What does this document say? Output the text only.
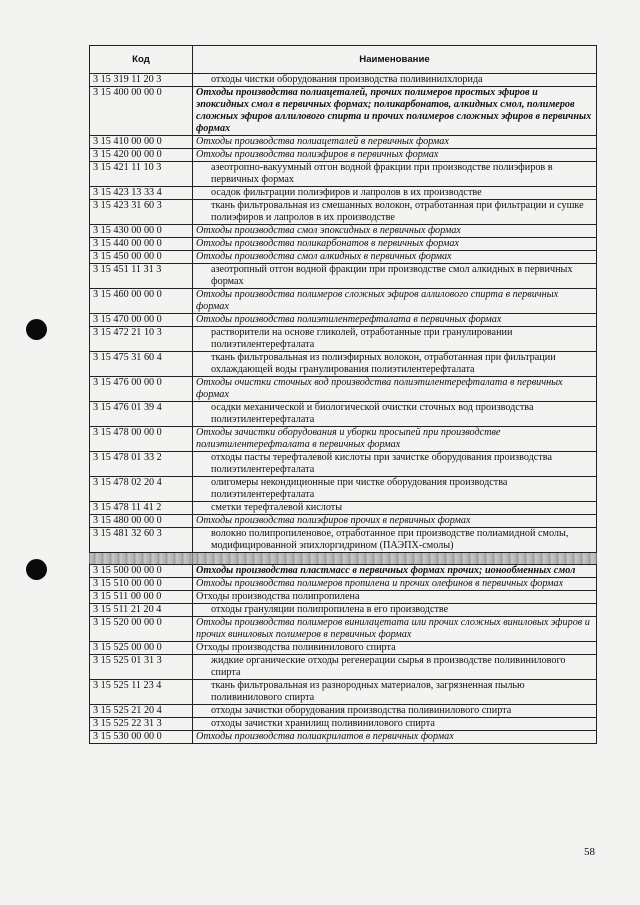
Код	Наименование
3 15 319 11 20 3	отходы чистки оборудования производства поливинилхлорида
3 15 400 00 00 0	Отходы производства полиацеталей, прочих полимеров простых эфиров и эпоксидных смол в первичных формах; поликарбонатов, алкидных смол, полимеров сложных эфиров аллилового спирта и прочих полимеров сложных эфиров в первичных формах
3 15 410 00 00 0	Отходы производства полиацеталей в первичных формах
3 15 420 00 00 0	Отходы производства полиэфиров в первичных формах
3 15 421 11 10 3	азеотропно-вакуумный отгон водной фракции при производстве полиэфиров в первичных формах
3 15 423 13 33 4	осадок фильтрации полиэфиров и лапролов в их производстве
3 15 423 31 60 3	ткань фильтровальная из смешанных волокон, отработанная при фильтрации и сушке полиэфиров и лапролов в их производстве
3 15 430 00 00 0	Отходы производства смол эпоксидных в первичных формах
3 15 440 00 00 0	Отходы производства поликарбонатов в первичных формах
3 15 450 00 00 0	Отходы производства смол алкидных в первичных формах
3 15 451 11 31 3	азеотропный отгон водной фракции при производстве смол алкидных в первичных формах
3 15 460 00 00 0	Отходы производства полимеров сложных эфиров аллилового спирта в первичных формах
3 15 470 00 00 0	Отходы производства полиэтилентерефталата в первичных формах
3 15 472 21 10 3	растворители на основе гликолей, отработанные при гранулировании полиэтилентерефталата
3 15 475 31 60 4	ткань фильтровальная из полиэфирных волокон, отработанная при фильтрации охлаждающей воды гранулирования полиэтилентерефталата
3 15 476 00 00 0	Отходы очистки сточных вод производства полиэтилентерефталата в первичных формах
3 15 476 01 39 4	осадки механической и биологической очистки сточных вод производства полиэтилентерефталата
3 15 478 00 00 0	Отходы зачистки оборудования и уборки просыпей при производстве полиэтилентерефталата в первичных формах
3 15 478 01 33 2	отходы пасты терефталевой кислоты при зачистке оборудования производства полиэтилентерефталата
3 15 478 02 20 4	олигомеры некондиционные при чистке оборудования производства полиэтилентерефталата
3 15 478 11 41 2	сметки терефталевой кислоты
3 15 480 00 00 0	Отходы производства полиэфиров прочих в первичных формах
3 15 481 32 60 3	волокно полипропиленовое, отработанное при производстве полиамидной смолы, модифицированной эпихлоргидрином (ПАЭПХ-смолы)

3 15 500 00 00 0	Отходы производства пластмасс в первичных формах прочих; ионообменных смол
3 15 510 00 00 0	Отходы производства полимеров пропилена и прочих олефинов в первичных формах
3 15 511 00 00 0	Отходы производства полипропилена
3 15 511 21 20 4	отходы грануляции полипропилена в его производстве
3 15 520 00 00 0	Отходы производства полимеров винилацетата или прочих сложных виниловых эфиров и прочих виниловых полимеров в первичных формах
3 15 525 00 00 0	Отходы производства поливинилового спирта
3 15 525 01 31 3	жидкие органические отходы регенерации сырья в производстве поливинилового спирта
3 15 525 11 23 4	ткань фильтровальная из разнородных материалов, загрязненная пылью поливинилового спирта
3 15 525 21 20 4	отходы зачистки оборудования производства поливинилового спирта
3 15 525 22 31 3	отходы зачистки хранилищ поливинилового спирта
3 15 530 00 00 0	Отходы производства полиакрилатов в первичных формах
58
